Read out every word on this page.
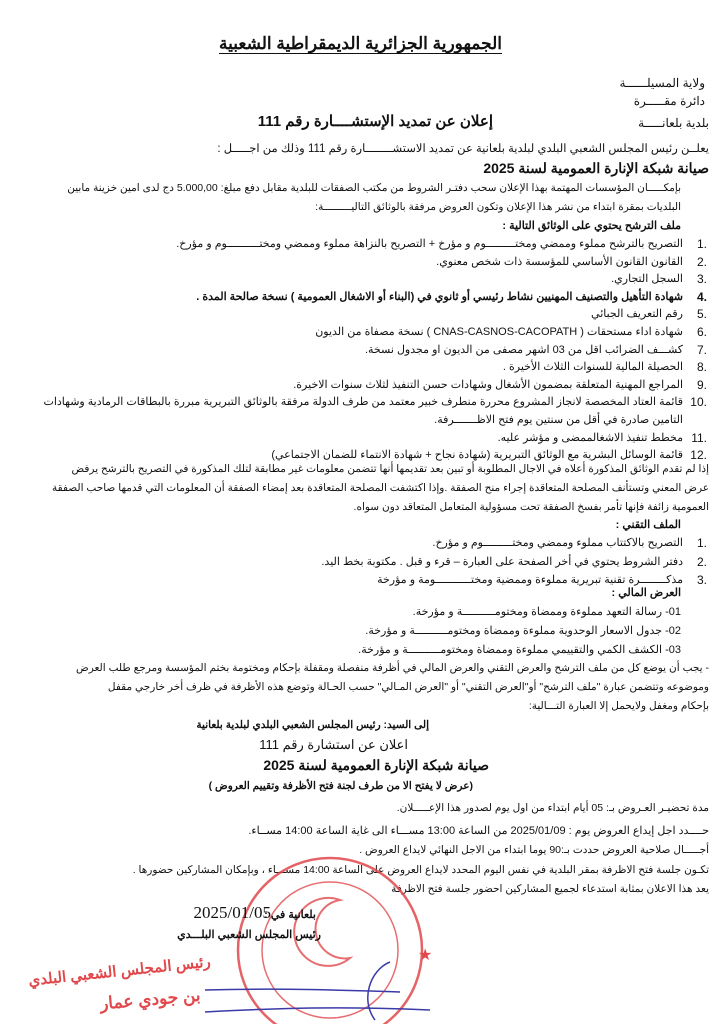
الجمهورية الجزائرية الديمقراطية الشعبية
ولاية المسيلــــــة
دائرة مقـــــرة
بلدية بلعانـــــة
إعلان عن تمديد الإستشــــارة رقم 111
يعلــن رئيس المجلس الشعبي البلدي لبلدية بلعانية عن تمديد الاستشــــــــارة رقم 111 وذلك من اجـــــل :
صيانة شبكة الإنارة العمومية لسنة 2025
بإمكـــــان المؤسسات المهتمة بهذا الإعلان سحب دفتـر الشروط من مكتب الصفقات للبلدية مقابل دفع مبلغ: 5.000,00 دج لدى امين خزينة مابين
البلديات بمقرة ابتداء من نشر هذا الإعلان وتكون العروض مرفقة بالوثائق التاليـــــــــة:
ملف الترشح يحتوي على الوثائق التالية :
.1
التصريح بالترشح مملوء وممضي ومختـــــــــوم و مؤرخ + التصريح بالنزاهة مملوء وممضي ومختــــــــــوم و مؤرخ.
.2
القانون القانون الأساسي للمؤسسة ذات شخص معنوي.
.3
السجل التجاري.
.4
شهادة التأهيل والتصنيف المهنيين نشاط رئيسي أو ثانوي في (البناء أو الاشغال العمومية ) نسخة صالحة المدة .
.5
رقم التعريف الجبائي
.6
شهادة اداء مستحقات ( CNAS-CASNOS-CACOPATH ) نسخة مصفاة من الديون
.7
كشـــف الضرائب اقل من 03 اشهر مصفى من الديون او مجدول نسخة.
.8
الحصيلة المالية للسنوات الثلاث الأخيرة .
.9
المراجع المهنية المتعلقة بمضمون الأشغال وشهادات حسن التنفيذ لثلاث سنوات الاخيرة.
.10
قائمة العتاد المخصصة لانجاز المشروع محررة منطرف خبير معتمد من طرف الدولة مرفقة بالوثائق التبريرية مبررة بالبطاقات الرمادية وشهادات
التامين صادرة في أقل من سنتين يوم فتح الاظـــــــرفة.
.11
مخطط تنفيذ الاشغالممضى و مؤشر عليه.
.12
قائمة الوسائل البشرية مع الوثائق التبريرية (شهادة نجاح + شهادة الانتماء للضمان الاجتماعي)
إذا لم تقدم الوثائق المذكورة أعلاه في الاجال المطلوبة أو تبين بعد تقديمها أنها تتضمن معلومات غير مطابقة لتلك المذكورة في التصريح بالترشح يرفض
عرض المعني وتستأنف المصلحة المتعاقدة إجراء منح الصفقة .وإذا اكتشفت المصلحة المتعاقدة بعد إمضاء الصفقة أن المعلومات التي قدمها صاحب الصفقة
العمومية زائفة فإنها تأمر بفسخ الصفقة تحت مسؤولية المتعامل المتعاقد دون سواه.
الملف التقني :
.1
التصريح بالاكتتاب مملوء وممضي ومختـــــــــوم و مؤرخ.
.2
دفتر الشروط يحتوي في أخر الصفحة على العبارة – قرء و قبل . مكتوبة بخط اليد.
.3
مذكــــــــرة تقنية تبريرية مملوءة وممضية ومختـــــــــــومة و مؤرخة
العرض المالي :
01- رسالة التعهد مملوءة وممضاة ومختومــــــــــة و مؤرخة.
02- جدول الاسعار الوحدوية مملوءة وممضاة ومختومــــــــــة و مؤرخة.
03- الكشف الكمي والتقييمي مملوءة وممضاة ومختومــــــــــة و مؤرخة.
- يجب أن يوضع كل من ملف الترشح والعرض التقني والعرض المالي في أظرفة منفصلة ومقفلة بإحكام ومختومة بختم المؤسسة ومرجع طلب العرض
وموضوعه وتتضمن عبارة "ملف الترشح" أو"العرض التقني" أو "العرض المـالي" حسب الحـالة وتوضع هذه الأظرفة في ظرف أخر خارجي مقفل
بإحكام ومغفل ولايحمل إلا العبارة التـــالية:
إلى السيد: رئيس المجلس الشعبي البلدي لبلدية بلعانية
اعلان عن استشارة رقم 111
صيانة شبكة الإنارة العمومية لسنة 2025
(عرض لا يفتح الا من طرف لجنة فتح الأظرفة وتقييم العروض )
مدة تحضيـر العـروض بـ: 05 أيام ابتداء من اول يوم لصدور هذا الإعـــــلان.
حــــدد اجل إيداع العروض يوم : 2025/01/09 من الساعة 13:00 مســـاء الى غاية الساعة 14:00 مســاء.
أجـــــال صلاحية العروض حددت بـ:90 يوما ابتداء من الاجل النهائي لايداع العروض .
تكـون جلسة فتح الاظرفة بمقر البلدية في نفس اليوم المحدد لايداع العروض على الساعة 14:00 مســـاء ، وبإمكان المشاركين حضورها .
يعد هذا الاعلان بمثابة استدعاء لجميع المشاركين احضور جلسة فتح الاظرفة
★
رئيس المجلس الشعبي البلدي
بن جودي عمار
2025/01/05
بلعانية في :
رئيس المجلس الشعبي البلـــدي
